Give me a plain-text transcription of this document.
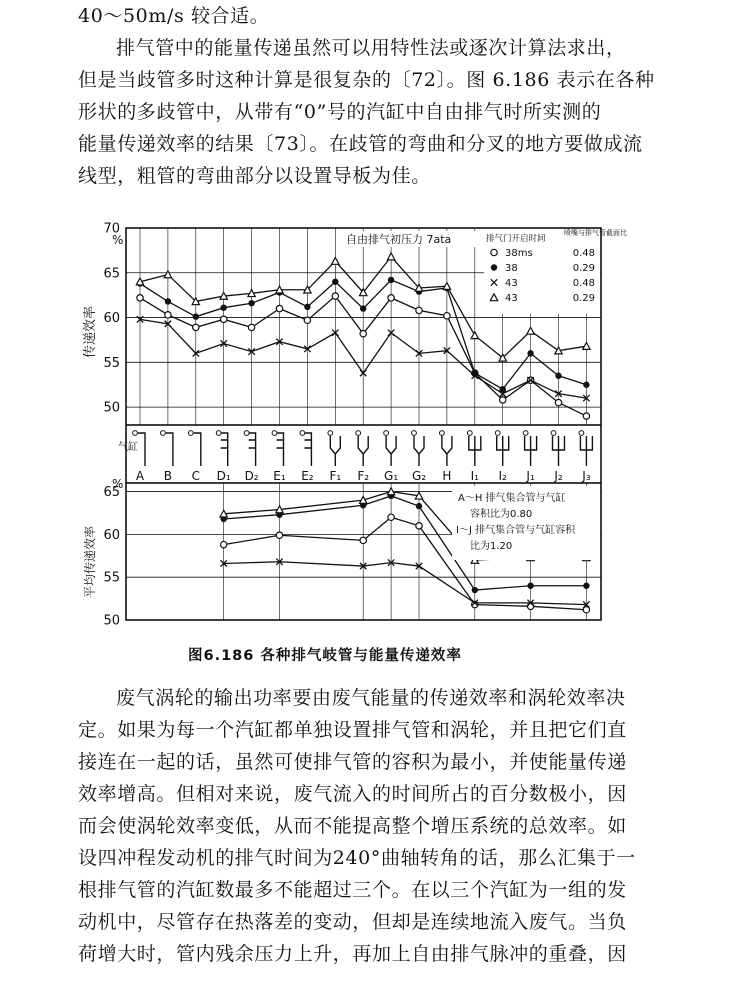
40～50m/s 较合适。
排气管中的能量传递虽然可以用特性法或逐次计算法求出，
但是当歧管多时这种计算是很复杂的〔72〕。图 6.186 表示在各种
形状的多歧管中，从带有“0”号的汽缸中自由排气时所实测的
能量传递效率的结果〔73〕。在歧管的弯曲和分叉的地方要做成流
线型，粗管的弯曲部分以设置导板为佳。
50
55
60
65
70
%
传递效率
自由排气初压力 7ata	排气门开启时间
喷嘴与排气管截面比
38ms	0.48
38	0.29
43	0.48
43	0.29
气缸
A B C D₁ D₂ E₁ E₂ F₁ F₂ G₁ G₂ H I₁ I₂ J₁ J₂ J₃
50
55
60
65
%
平均传递效率
A～H 排气集合管与气缸
容积比为0.80
I～J 排气集合管与气缸容积
比为1.20
图6.186 各种排气岐管与能量传递效率
废气涡轮的输出功率要由废气能量的传递效率和涡轮效率决
定。如果为每一个汽缸都单独设置排气管和涡轮，并且把它们直
接连在一起的话，虽然可使排气管的容积为最小，并使能量传递
效率增高。但相对来说，废气流入的时间所占的百分数极小，因
而会使涡轮效率变低，从而不能提高整个增压系统的总效率。如
设四冲程发动机的排气时间为240°曲轴转角的话，那么汇集于一
根排气管的汽缸数最多不能超过三个。在以三个汽缸为一组的发
动机中，尽管存在热落差的变动，但却是连续地流入废气。当负
荷增大时，管内残余压力上升，再加上自由排气脉冲的重叠，因
